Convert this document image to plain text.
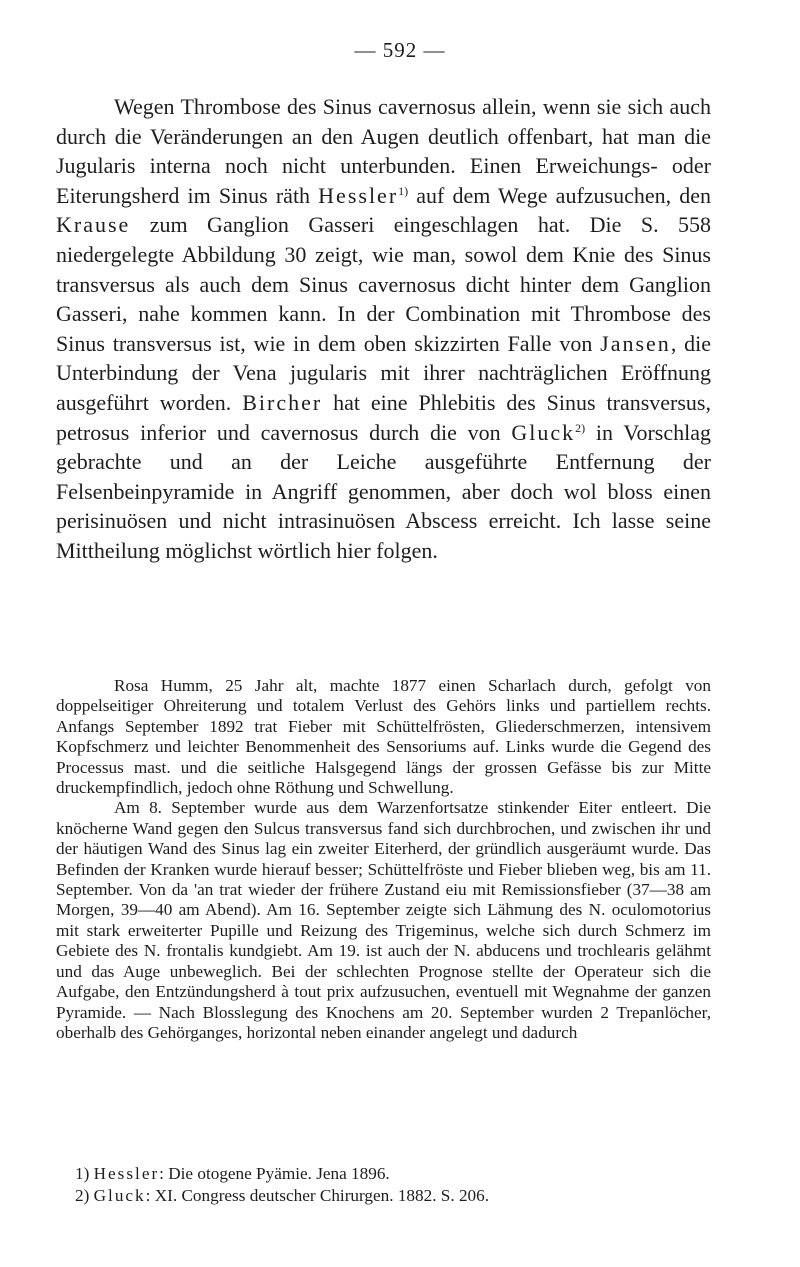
— 592 —

Wegen Thrombose des Sinus cavernosus allein, wenn sie sich auch durch die Veränderungen an den Augen deutlich offenbart, hat man die Jugularis interna noch nicht unterbunden. Einen Erweichungs- oder Eiterungsherd im Sinus räth Hessler$^{1)}$ auf dem Wege aufzusuchen, den Krause zum Ganglion Gasseri eingeschlagen hat. Die S. 558 niedergelegte Abbildung 30 zeigt, wie man, sowol dem Knie des Sinus transversus als auch dem Sinus cavernosus dicht hinter dem Ganglion Gasseri, nahe kommen kann. In der Combination mit Thrombose des Sinus transversus ist, wie in dem oben skizzirten Falle von Jansen, die Unterbindung der Vena jugularis mit ihrer nachträglichen Eröffnung ausgeführt worden. Bircher hat eine Phlebitis des Sinus transversus, petrosus inferior und cavernosus durch die von Gluck$^{2)}$ in Vorschlag gebrachte und an der Leiche ausgeführte Entfernung der Felsenbeinpyramide in Angriff genommen, aber doch wol bloss einen perisinuösen und nicht intrasinuösen Abscess erreicht. Ich lasse seine Mittheilung möglichst wörtlich hier folgen.

Rosa Humm, 25 Jahr alt, machte 1877 einen Scharlach durch, gefolgt von doppelseitiger Ohreiterung und totalem Verlust des Gehörs links und partiellem rechts. Anfangs September 1892 trat Fieber mit Schüttelfrösten, Gliederschmerzen, intensivem Kopfschmerz und leichter Benommenheit des Sensoriums auf. Links wurde die Gegend des Processus mast. und die seitliche Halsgegend längs der grossen Gefässe bis zur Mitte druckempfindlich, jedoch ohne Röthung und Schwellung.

Am 8. September wurde aus dem Warzenfortsatze stinkender Eiter entleert. Die knöcherne Wand gegen den Sulcus transversus fand sich durchbrochen, und zwischen ihr und der häutigen Wand des Sinus lag ein zweiter Eiterherd, der gründlich ausgeräumt wurde. Das Befinden der Kranken wurde hierauf besser; Schüttelfröste und Fieber blieben weg, bis am 11. September. Von da 'an trat wieder der frühere Zustand eiu mit Remissionsfieber (37—38 am Morgen, 39—40 am Abend). Am 16. September zeigte sich Lähmung des N. oculomotorius mit stark erweiterter Pupille und Reizung des Trigeminus, welche sich durch Schmerz im Gebiete des N. frontalis kundgiebt. Am 19. ist auch der N. abducens und trochlearis gelähmt und das Auge unbeweglich. Bei der schlechten Prognose stellte der Operateur sich die Aufgabe, den Entzündungsherd à tout prix aufzusuchen, eventuell mit Wegnahme der ganzen Pyramide. — Nach Blosslegung des Knochens am 20. September wurden 2 Trepanlöcher, oberhalb des Gehörganges, horizontal neben einander angelegt und dadurch

1) Hessler: Die otogene Pyämie. Jena 1896.
2) Gluck: XI. Congress deutscher Chirurgen. 1882. S. 206.
